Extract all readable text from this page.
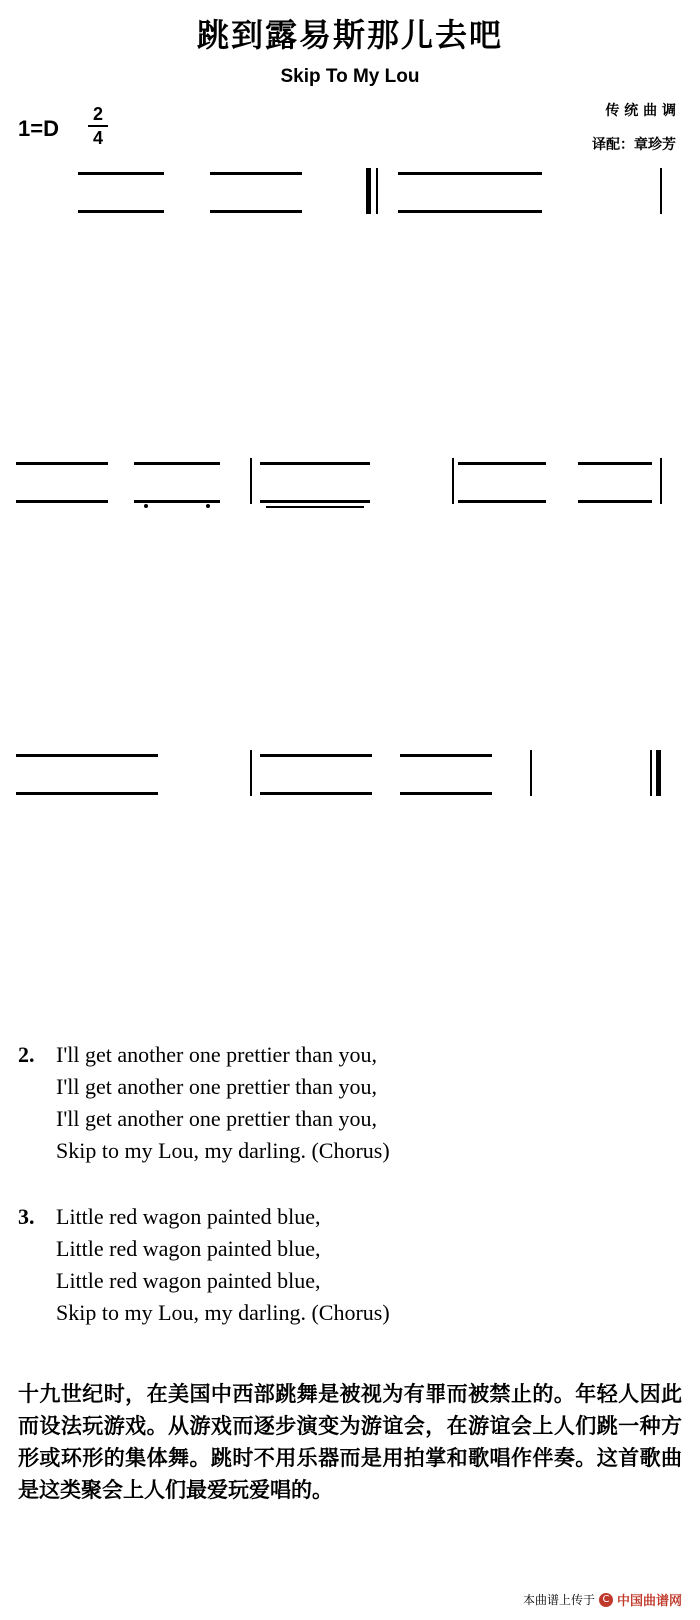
跳到露易斯那儿去吧
Skip To My Lou
1=D
2
4
传 统 曲 调
译配：章珍芳
2. I'll get another one prettier than you,
I'll get another one prettier than you,
I'll get another one prettier than you,
Skip to my Lou, my darling. (Chorus)
3. Little red wagon painted blue,
Little red wagon painted blue,
Little red wagon painted blue,
Skip to my Lou, my darling. (Chorus)
十九世纪时，在美国中西部跳舞是被视为有罪而被禁止的。年轻人因此而设法玩游戏。从游戏而逐步演变为游谊会，在游谊会上人们跳一种方形或环形的集体舞。跳时不用乐器而是用拍掌和歌唱作伴奏。这首歌曲是这类聚会上人们最爱玩爱唱的。
本曲谱上传于 C 中国曲谱网
